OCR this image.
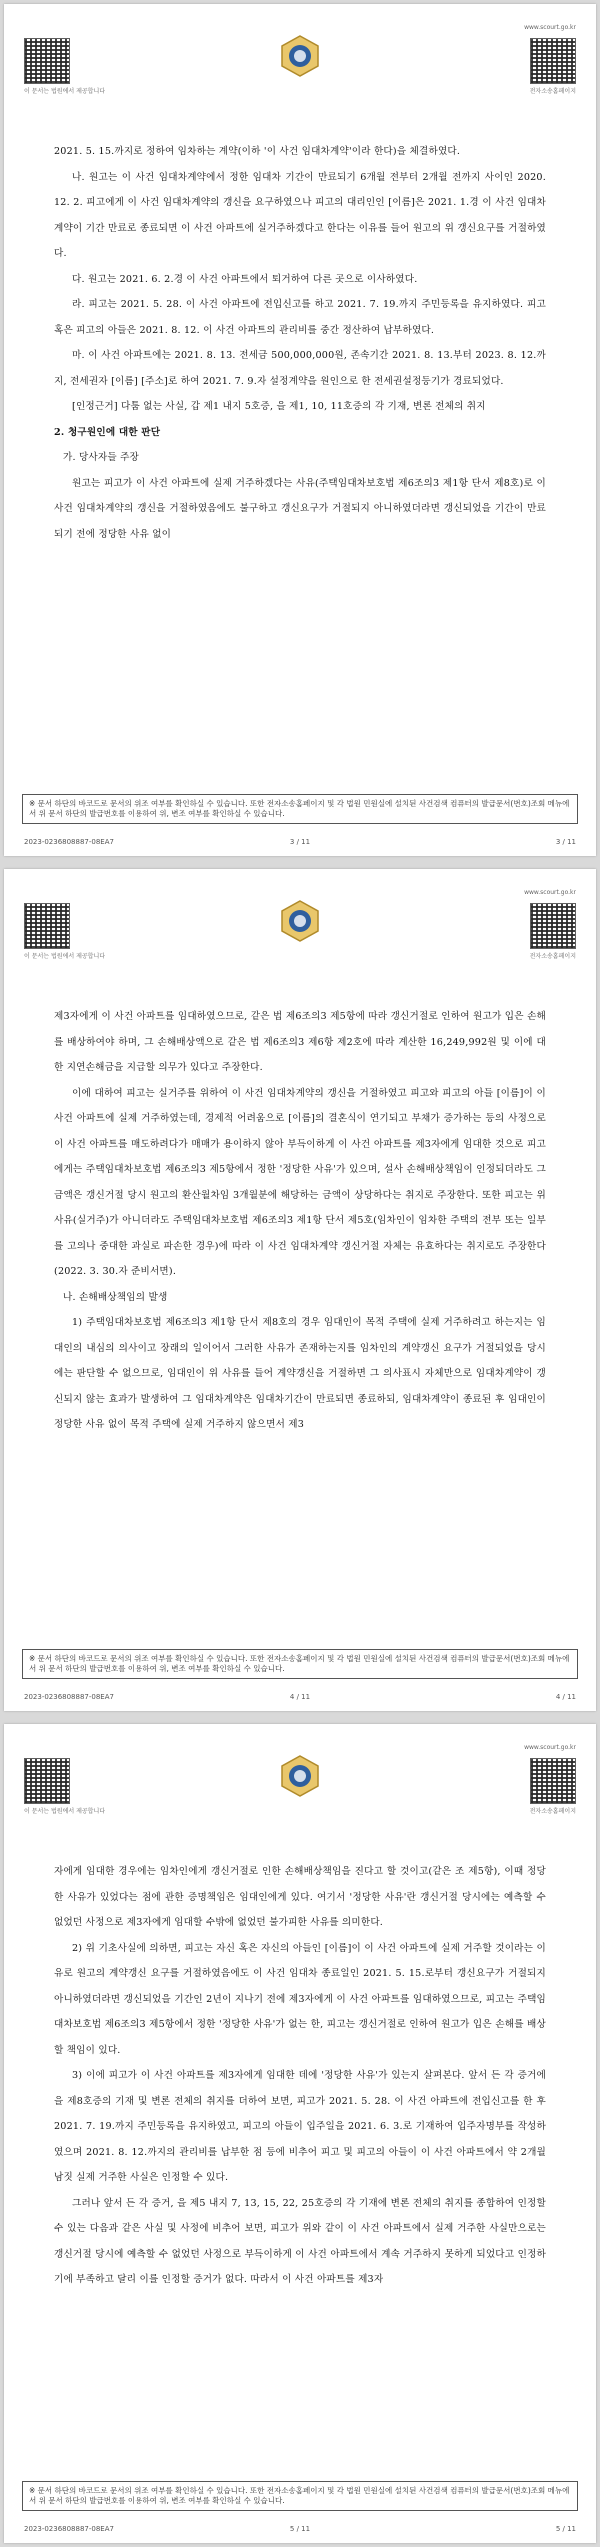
www.scourt.go.kr
이 문서는 법원에서 제공합니다	전자소송홈페이지

2021. 5. 15.까지로 정하여 임차하는 계약(이하 '이 사건 임대차계약'이라 한다)을 체결하였다.

나. 원고는 이 사건 임대차계약에서 정한 임대차 기간이 만료되기 6개월 전부터 2개월 전까지 사이인 2020. 12. 2. 피고에게 이 사건 임대차계약의 갱신을 요구하였으나 피고의 대리인인 [이름]은 2021. 1.경 이 사건 임대차계약이 기간 만료로 종료되면 이 사건 아파트에 실거주하겠다고 한다는 이유를 들어 원고의 위 갱신요구를 거절하였다.

다. 원고는 2021. 6. 2.경 이 사건 아파트에서 퇴거하여 다른 곳으로 이사하였다.

라. 피고는 2021. 5. 28. 이 사건 아파트에 전입신고를 하고 2021. 7. 19.까지 주민등록을 유지하였다. 피고 혹은 피고의 아들은 2021. 8. 12. 이 사건 아파트의 관리비를 중간 정산하여 납부하였다.

마. 이 사건 아파트에는 2021. 8. 13. 전세금 500,000,000원, 존속기간 2021. 8. 13.부터 2023. 8. 12.까지, 전세권자 [이름] [주소]로 하여 2021. 7. 9.자 설정계약을 원인으로 한 전세권설정등기가 경료되었다.

[인정근거] 다툼 없는 사실, 갑 제1 내지 5호증, 을 제1, 10, 11호증의 각 기재, 변론 전체의 취지

2. 청구원인에 대한 판단

가. 당사자들 주장

원고는 피고가 이 사건 아파트에 실제 거주하겠다는 사유(주택임대차보호법 제6조의3 제1항 단서 제8호)로 이 사건 임대차계약의 갱신을 거절하였음에도 불구하고 갱신요구가 거절되지 아니하였더라면 갱신되었을 기간이 만료되기 전에 정당한 사유 없이

※ 문서 하단의 바코드로 문서의 위조 여부를 확인하실 수 있습니다. 또한 전자소송홈페이지 및 각 법원 민원실에 설치된 사건검색 컴퓨터의 발급문서(번호)조회 메뉴에서 위 문서 하단의 발급번호를 이용하여 위, 변조 여부를 확인하실 수 있습니다.
2023-0236808887-08EA7	3 / 11	3 / 11
www.scourt.go.kr
이 문서는 법원에서 제공합니다	전자소송홈페이지

제3자에게 이 사건 아파트를 임대하였으므로, 같은 법 제6조의3 제5항에 따라 갱신거절로 인하여 원고가 입은 손해를 배상하여야 하며, 그 손해배상액으로 같은 법 제6조의3 제6항 제2호에 따라 계산한 16,249,992원 및 이에 대한 지연손해금을 지급할 의무가 있다고 주장한다.

이에 대하여 피고는 실거주를 위하여 이 사건 임대차계약의 갱신을 거절하였고 피고와 피고의 아들 [이름]이 이 사건 아파트에 실제 거주하였는데, 경제적 어려움으로 [이름]의 결혼식이 연기되고 부채가 증가하는 등의 사정으로 이 사건 아파트를 매도하려다가 매매가 용이하지 않아 부득이하게 이 사건 아파트를 제3자에게 임대한 것으로 피고에게는 주택임대차보호법 제6조의3 제5항에서 정한 '정당한 사유'가 있으며, 설사 손해배상책임이 인정되더라도 그 금액은 갱신거절 당시 원고의 환산월차임 3개월분에 해당하는 금액이 상당하다는 취지로 주장한다. 또한 피고는 위 사유(실거주)가 아니더라도 주택임대차보호법 제6조의3 제1항 단서 제5호(임차인이 임차한 주택의 전부 또는 일부를 고의나 중대한 과실로 파손한 경우)에 따라 이 사건 임대차계약 갱신거절 자체는 유효하다는 취지로도 주장한다(2022. 3. 30.자 준비서면).

나. 손해배상책임의 발생

1) 주택임대차보호법 제6조의3 제1항 단서 제8호의 경우 임대인이 목적 주택에 실제 거주하려고 하는지는 임대인의 내심의 의사이고 장래의 일이어서 그러한 사유가 존재하는지를 임차인의 계약갱신 요구가 거절되었을 당시에는 판단할 수 없으므로, 임대인이 위 사유를 들어 계약갱신을 거절하면 그 의사표시 자체만으로 임대차계약이 갱신되지 않는 효과가 발생하여 그 임대차계약은 임대차기간이 만료되면 종료하되, 임대차계약이 종료된 후 임대인이 정당한 사유 없이 목적 주택에 실제 거주하지 않으면서 제3

※ 문서 하단의 바코드로 문서의 위조 여부를 확인하실 수 있습니다. 또한 전자소송홈페이지 및 각 법원 민원실에 설치된 사건검색 컴퓨터의 발급문서(번호)조회 메뉴에서 위 문서 하단의 발급번호를 이용하여 위, 변조 여부를 확인하실 수 있습니다.
2023-0236808887-08EA7	4 / 11	4 / 11
www.scourt.go.kr
이 문서는 법원에서 제공합니다	전자소송홈페이지

자에게 임대한 경우에는 임차인에게 갱신거절로 인한 손해배상책임을 진다고 할 것이고(같은 조 제5항), 이때 정당한 사유가 있었다는 점에 관한 증명책임은 임대인에게 있다. 여기서 '정당한 사유'란 갱신거절 당시에는 예측할 수 없었던 사정으로 제3자에게 임대할 수밖에 없었던 불가피한 사유를 의미한다.

2) 위 기초사실에 의하면, 피고는 자신 혹은 자신의 아들인 [이름]이 이 사건 아파트에 실제 거주할 것이라는 이유로 원고의 계약갱신 요구를 거절하였음에도 이 사건 임대차 종료일인 2021. 5. 15.로부터 갱신요구가 거절되지 아니하였더라면 갱신되었을 기간인 2년이 지나기 전에 제3자에게 이 사건 아파트를 임대하였으므로, 피고는 주택임대차보호법 제6조의3 제5항에서 정한 '정당한 사유'가 없는 한, 피고는 갱신거절로 인하여 원고가 입은 손해를 배상할 책임이 있다.

3) 이에 피고가 이 사건 아파트를 제3자에게 임대한 데에 '정당한 사유'가 있는지 살펴본다. 앞서 든 각 증거에 을 제8호증의 기재 및 변론 전체의 취지를 더하여 보면, 피고가 2021. 5. 28. 이 사건 아파트에 전입신고를 한 후 2021. 7. 19.까지 주민등록을 유지하였고, 피고의 아들이 입주일을 2021. 6. 3.로 기재하여 입주자명부를 작성하였으며 2021. 8. 12.까지의 관리비를 납부한 점 등에 비추어 피고 및 피고의 아들이 이 사건 아파트에서 약 2개월 남짓 실제 거주한 사실은 인정할 수 있다.

그러나 앞서 든 각 증거, 을 제5 내지 7, 13, 15, 22, 25호증의 각 기재에 변론 전체의 취지를 종합하여 인정할 수 있는 다음과 같은 사실 및 사정에 비추어 보면, 피고가 위와 같이 이 사건 아파트에서 실제 거주한 사실만으로는 갱신거절 당시에 예측할 수 없었던 사정으로 부득이하게 이 사건 아파트에서 계속 거주하지 못하게 되었다고 인정하기에 부족하고 달리 이를 인정할 증거가 없다. 따라서 이 사건 아파트를 제3자

※ 문서 하단의 바코드로 문서의 위조 여부를 확인하실 수 있습니다. 또한 전자소송홈페이지 및 각 법원 민원실에 설치된 사건검색 컴퓨터의 발급문서(번호)조회 메뉴에서 위 문서 하단의 발급번호를 이용하여 위, 변조 여부를 확인하실 수 있습니다.
2023-0236808887-08EA7	5 / 11	5 / 11
